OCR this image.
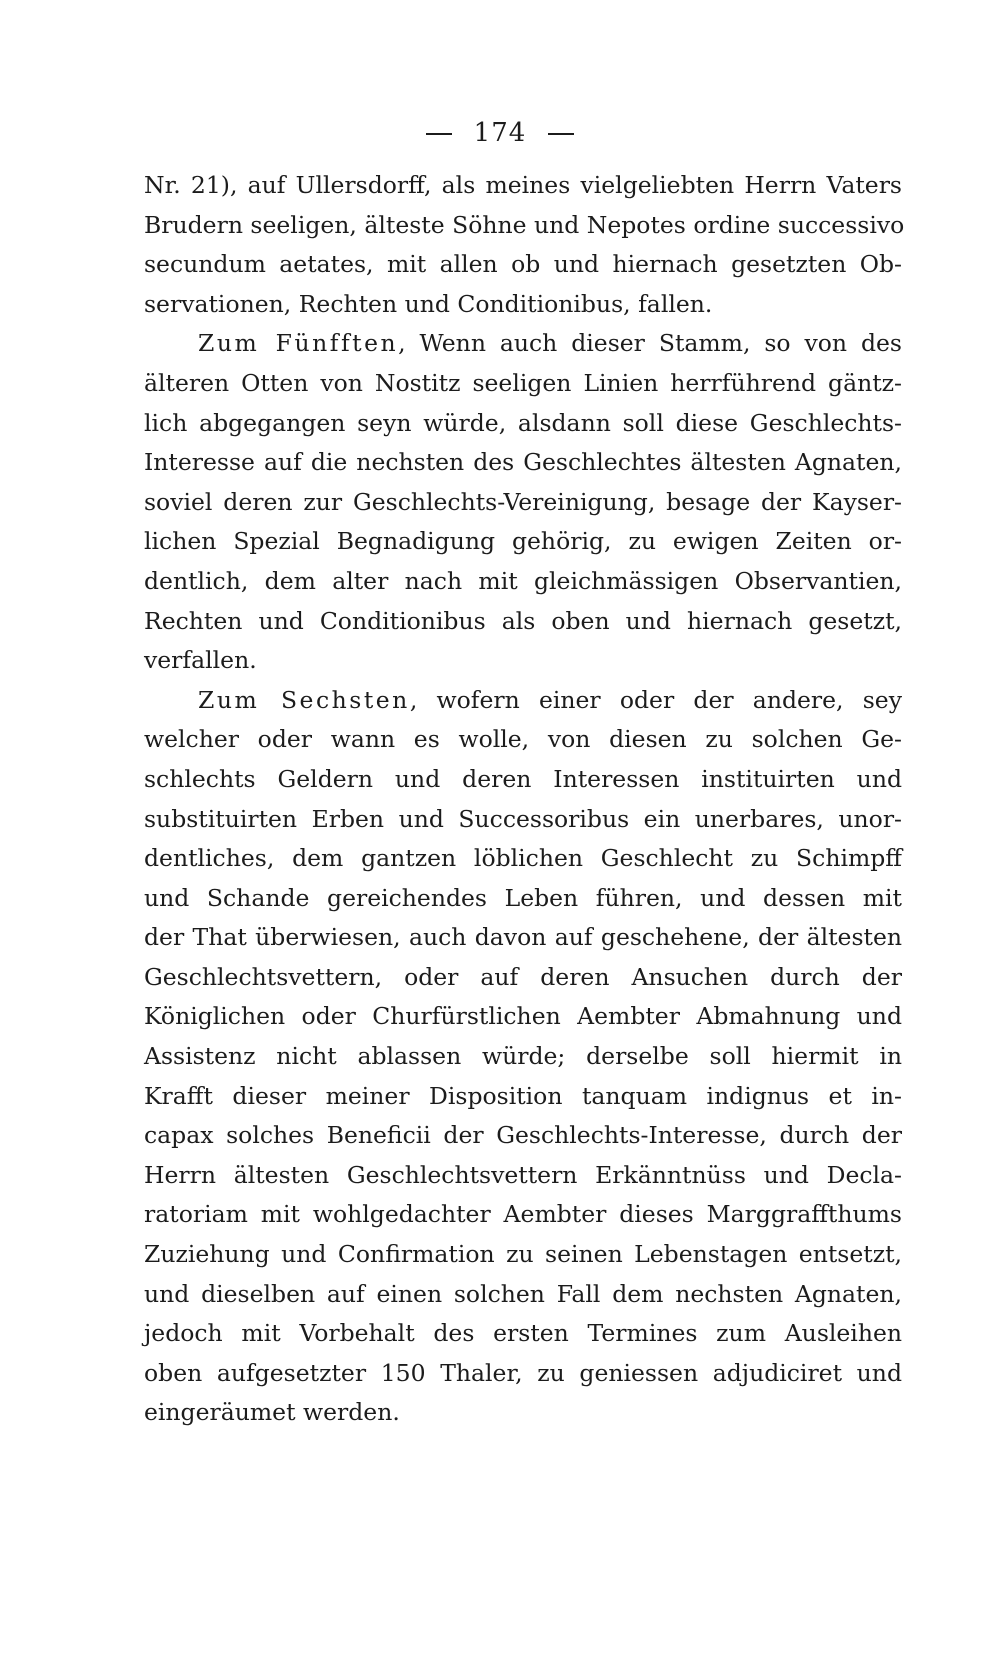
174

Nr. 21), auf Ullersdorff, als meines vielgeliebten Herrn Vaters
Brudern seeligen, älteste Söhne und Nepotes ordine successivo
secundum aetates, mit allen ob und hiernach gesetzten Ob-
servationen, Rechten und Conditionibus, fallen.
Zum Fünfften, Wenn auch dieser Stamm, so von des
älteren Otten von Nostitz seeligen Linien herrführend gäntz-
lich abgegangen seyn würde, alsdann soll diese Geschlechts-
Interesse auf die nechsten des Geschlechtes ältesten Agnaten,
soviel deren zur Geschlechts-Vereinigung, besage der Kayser-
lichen Spezial Begnadigung gehörig, zu ewigen Zeiten or-
dentlich, dem alter nach mit gleichmässigen Observantien,
Rechten und Conditionibus als oben und hiernach gesetzt,
verfallen.
Zum Sechsten, wofern einer oder der andere, sey
welcher oder wann es wolle, von diesen zu solchen Ge-
schlechts Geldern und deren Interessen instituirten und
substituirten Erben und Successoribus ein unerbares, unor-
dentliches, dem gantzen löblichen Geschlecht zu Schimpff
und Schande gereichendes Leben führen, und dessen mit
der That überwiesen, auch davon auf geschehene, der ältesten
Geschlechtsvettern, oder auf deren Ansuchen durch der
Königlichen oder Churfürstlichen Aembter Abmahnung und
Assistenz nicht ablassen würde; derselbe soll hiermit in
Krafft dieser meiner Disposition tanquam indignus et in-
capax solches Beneficii der Geschlechts-Interesse, durch der
Herrn ältesten Geschlechtsvettern Erkänntnüss und Decla-
ratoriam mit wohlgedachter Aembter dieses Marggraffthums
Zuziehung und Confirmation zu seinen Lebenstagen entsetzt,
und dieselben auf einen solchen Fall dem nechsten Agnaten,
jedoch mit Vorbehalt des ersten Termines zum Ausleihen
oben aufgesetzter 150 Thaler, zu geniessen adjudiciret und
eingeräumet werden.
